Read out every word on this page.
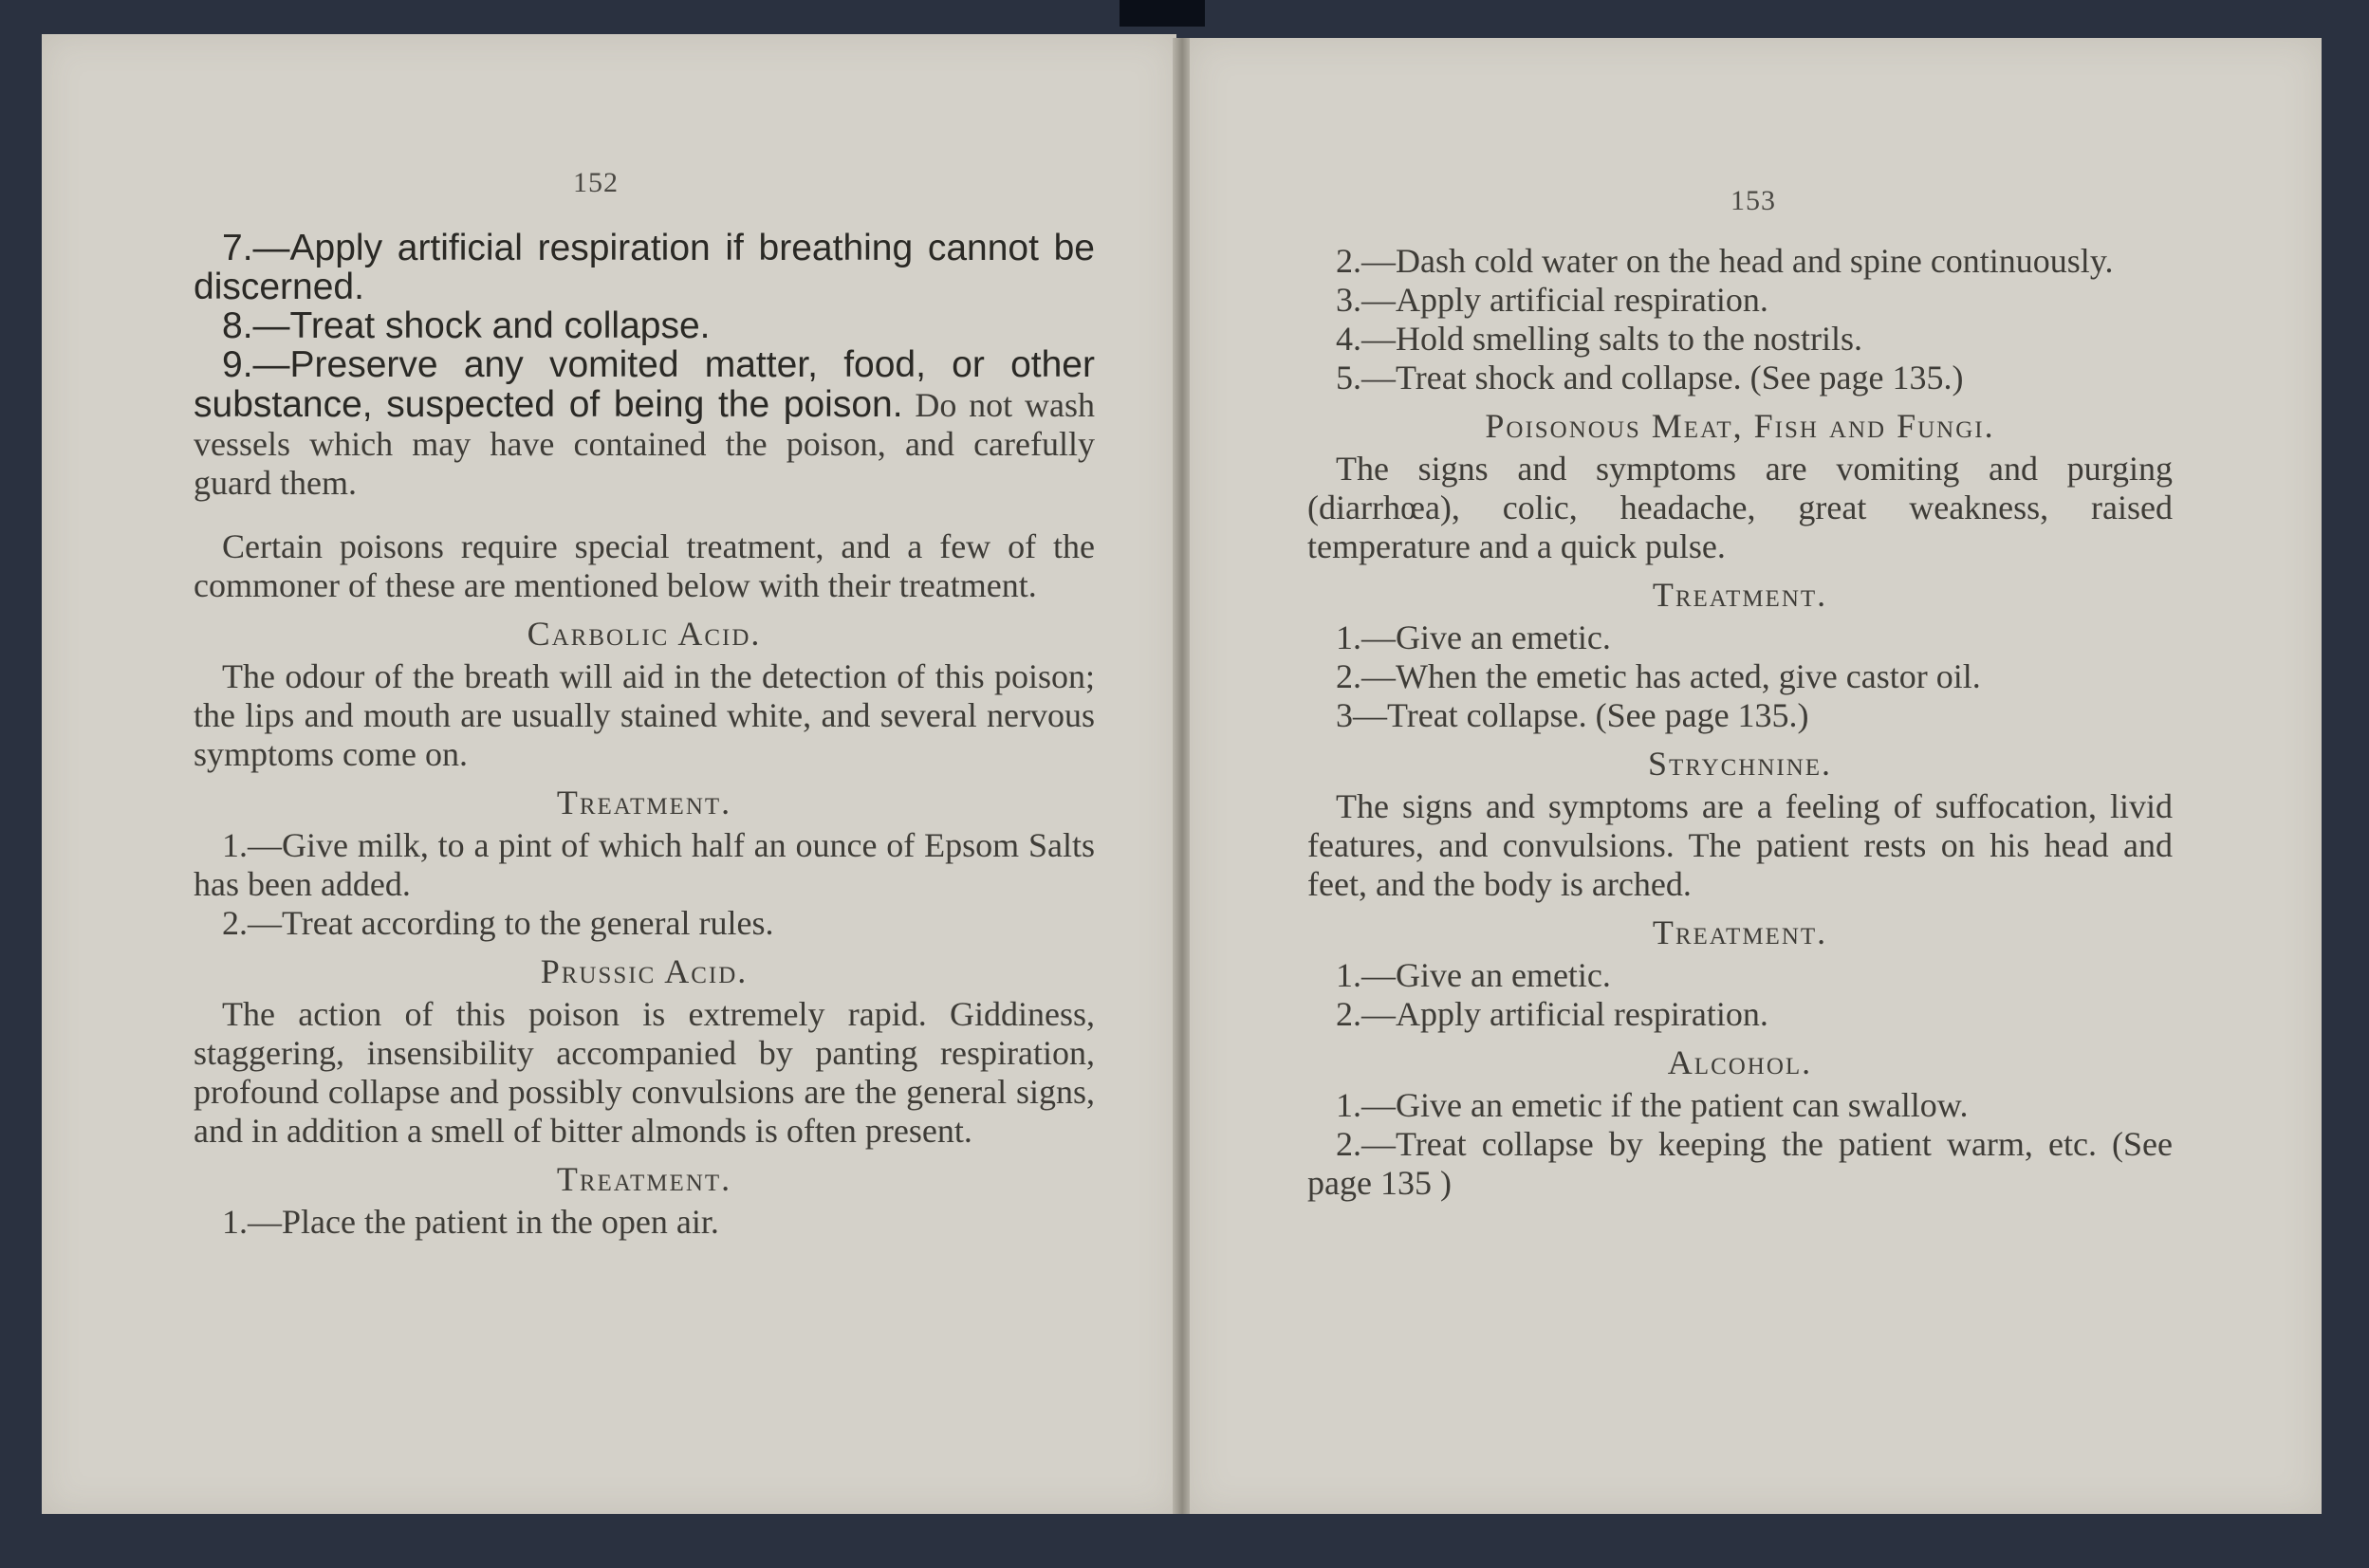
152

7.—Apply artificial respiration if breathing cannot be discerned.

8.—Treat shock and collapse.

9.—Preserve any vomited matter, food, or other substance, suspected of being the poison. Do not wash vessels which may have contained the poison, and carefully guard them.

Certain poisons require special treatment, and a few of the commoner of these are mentioned below with their treatment.

Carbolic Acid.

The odour of the breath will aid in the detection of this poison; the lips and mouth are usually stained white, and several nervous symptoms come on.

Treatment.

1.—Give milk, to a pint of which half an ounce of Epsom Salts has been added.

2.—Treat according to the general rules.

Prussic Acid.

The action of this poison is extremely rapid. Giddiness, staggering, insensibility accompanied by panting respiration, profound collapse and possibly convulsions are the general signs, and in addition a smell of bitter almonds is often present.

Treatment.

1.—Place the patient in the open air.

153

2.—Dash cold water on the head and spine continuously.

3.—Apply artificial respiration.

4.—Hold smelling salts to the nostrils.

5.—Treat shock and collapse. (See page 135.)

Poisonous Meat, Fish and Fungi.

The signs and symptoms are vomiting and purging (diarrhœa), colic, headache, great weakness, raised temperature and a quick pulse.

Treatment.

1.—Give an emetic.

2.—When the emetic has acted, give castor oil.

3—Treat collapse. (See page 135.)

Strychnine.

The signs and symptoms are a feeling of suffocation, livid features, and convulsions. The patient rests on his head and feet, and the body is arched.

Treatment.

1.—Give an emetic.

2.—Apply artificial respiration.

Alcohol.

1.—Give an emetic if the patient can swallow.

2.—Treat collapse by keeping the patient warm, etc. (See page 135 )
